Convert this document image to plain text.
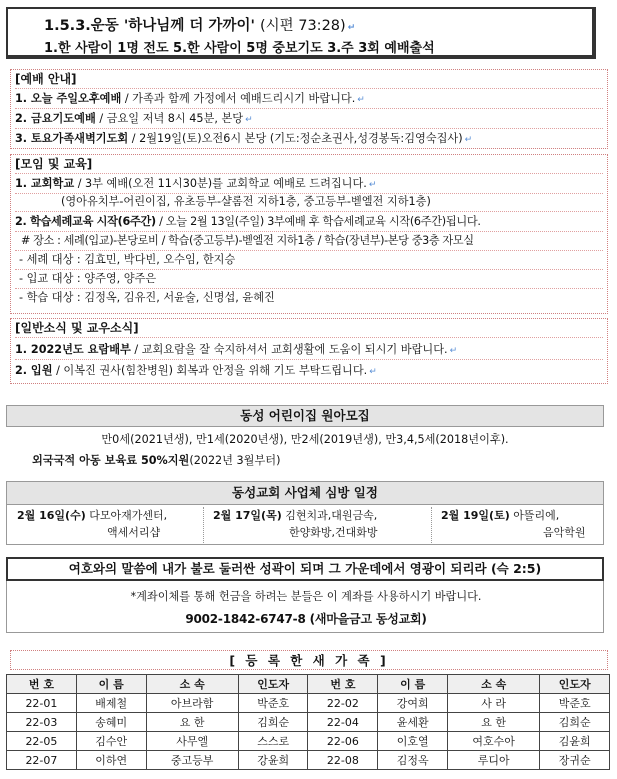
1.5.3.운동 '하나님께 더 가까이' (시편 73:28) ↵
1.한 사람이 1명 전도 5.한 사람이 5명 중보기도 3.주 3회 예배출석
[예배 안내]
1. 오늘 주일오후예배 / 가족과 함께 가정에서 예배드리시기 바랍니다. ↵
2. 금요기도예배 / 금요일 저녁 8시 45분, 본당 ↵
3. 토요가족새벽기도회 / 2월19일(토)오전6시 본당 (기도:정순초권사,성경봉독:김영숙집사) ↵
[모임 및 교육]
1. 교회학교 / 3부 예배(오전 11시30분)를 교회학교 예배로 드려집니다. ↵
(영아유치부-어린이집, 유초등부-샬롬전 지하1층, 중고등부-벧엘전 지하1층)
2. 학습세례교육 시작(6주간) / 오늘 2월 13일(주일) 3부예배 후 학습세례교육 시작(6주간)됩니다.
# 장소 : 세례(입교)-본당로비 / 학습(중고등부)-벧엘전 지하1층 / 학습(장년부)-본당 중3층 자모실
- 세례 대상 : 김효민, 박다빈, 오수임, 한지승
- 입교 대상 : 양주영, 양주은
- 학습 대상 : 김정옥, 김유진, 서윤술, 신명섭, 윤혜진
[일반소식 및 교우소식]
1. 2022년도 요람배부 / 교회요람을 잘 숙지하셔서 교회생활에 도움이 되시기 바랍니다. ↵
2. 입원 / 이복진 권사(힘찬병원) 회복과 안정을 위해 기도 부탁드립니다. ↵
동성 어린이집 원아모집
만0세(2021년생), 만1세(2020년생), 만2세(2019년생), 만3,4,5세(2018년이후).
외국국적 아동 보육료 50%지원(2022년 3월부터)
동성교회 사업체 심방 일정
2월 16일(수) 다모아재가센터,
액세서리샵
2월 17일(목) 김현치과,대원금속,
한양화방,건대화방
2월 19일(토) 아뜰리에,
음악학원
여호와의 말씀에 내가 불로 둘러싼 성곽이 되며 그 가운데에서 영광이 되리라 (슥 2:5)
*계좌이체를 통해 헌금을 하려는 분들은 이 계좌를 사용하시기 바랍니다.
9002-1842-6747-8 (새마을금고 동성교회)
[ 등 록 한 새 가 족 ]
번 호	이 름	소 속	인도자	번 호	이 름	소 속	인도자
22-01	배제철	아브라함	박준호	22-02	강여희	사 라	박준호
22-03	송혜미	요 한	김희순	22-04	윤세환	요 한	김희순
22-05	김수안	사무엘	스스로	22-06	이호열	여호수아	김윤희
22-07	이하연	중고등부	강윤희	22-08	김정옥	루디아	장귀순
